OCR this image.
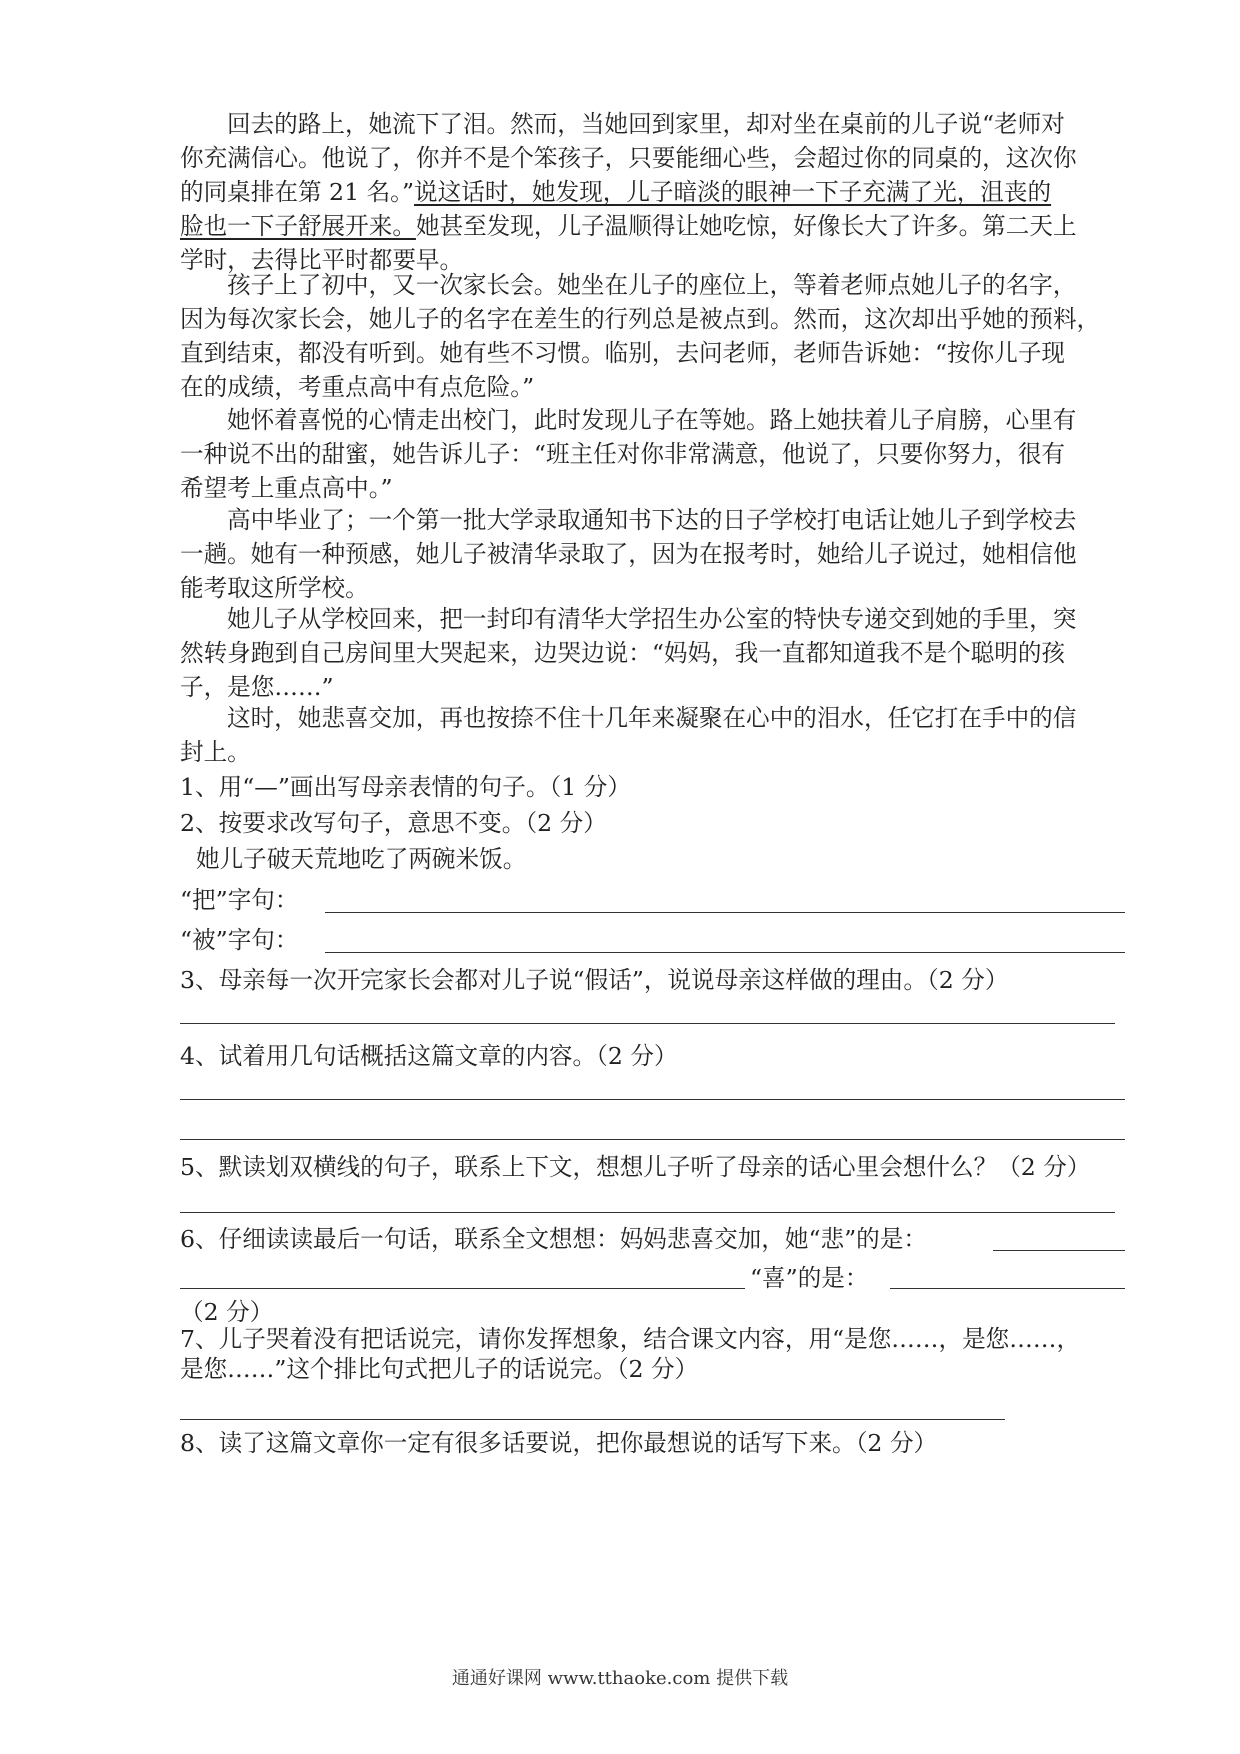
回去的路上，她流下了泪。然而，当她回到家里，却对坐在桌前的儿子说“老师对
你充满信心。他说了，你并不是个笨孩子，只要能细心些，会超过你的同桌的，这次你
的同桌排在第 21 名。”说这话时，她发现，儿子暗淡的眼神一下子充满了光，沮丧的
脸也一下子舒展开来。她甚至发现，儿子温顺得让她吃惊，好像长大了许多。第二天上
学时，去得比平时都要早。
孩子上了初中，又一次家长会。她坐在儿子的座位上，等着老师点她儿子的名字，
因为每次家长会，她儿子的名字在差生的行列总是被点到。然而，这次却出乎她的预料，
直到结束，都没有听到。她有些不习惯。临别，去问老师，老师告诉她：“按你儿子现
在的成绩，考重点高中有点危险。”
她怀着喜悦的心情走出校门，此时发现儿子在等她。路上她扶着儿子肩膀，心里有
一种说不出的甜蜜，她告诉儿子：“班主任对你非常满意，他说了，只要你努力，很有
希望考上重点高中。”
高中毕业了；一个第一批大学录取通知书下达的日子学校打电话让她儿子到学校去
一趟。她有一种预感，她儿子被清华录取了，因为在报考时，她给儿子说过，她相信他
能考取这所学校。
她儿子从学校回来，把一封印有清华大学招生办公室的特快专递交到她的手里，突
然转身跑到自己房间里大哭起来，边哭边说：“妈妈，我一直都知道我不是个聪明的孩
子，是您……”
这时，她悲喜交加，再也按捺不住十几年来凝聚在心中的泪水，任它打在手中的信
封上。
1、用“—”画出写母亲表情的句子。（1 分）
2、按要求改写句子，意思不变。（2 分）
她儿子破天荒地吃了两碗米饭。
“把”字句：
“被”字句：
3、母亲每一次开完家长会都对儿子说“假话”，说说母亲这样做的理由。（2 分）
4、试着用几句话概括这篇文章的内容。（2 分）
5、默读划双横线的句子，联系上下文，想想儿子听了母亲的话心里会想什么？（2 分）
6、仔细读读最后一句话，联系全文想想：妈妈悲喜交加，她“悲”的是：
“喜”的是：
（2 分）
7、儿子哭着没有把话说完，请你发挥想象，结合课文内容，用“是您……，是您……，
是您……”这个排比句式把儿子的话说完。（2 分）
8、读了这篇文章你一定有很多话要说，把你最想说的话写下来。（2 分）
通通好课网 www.tthaoke.com 提供下载
